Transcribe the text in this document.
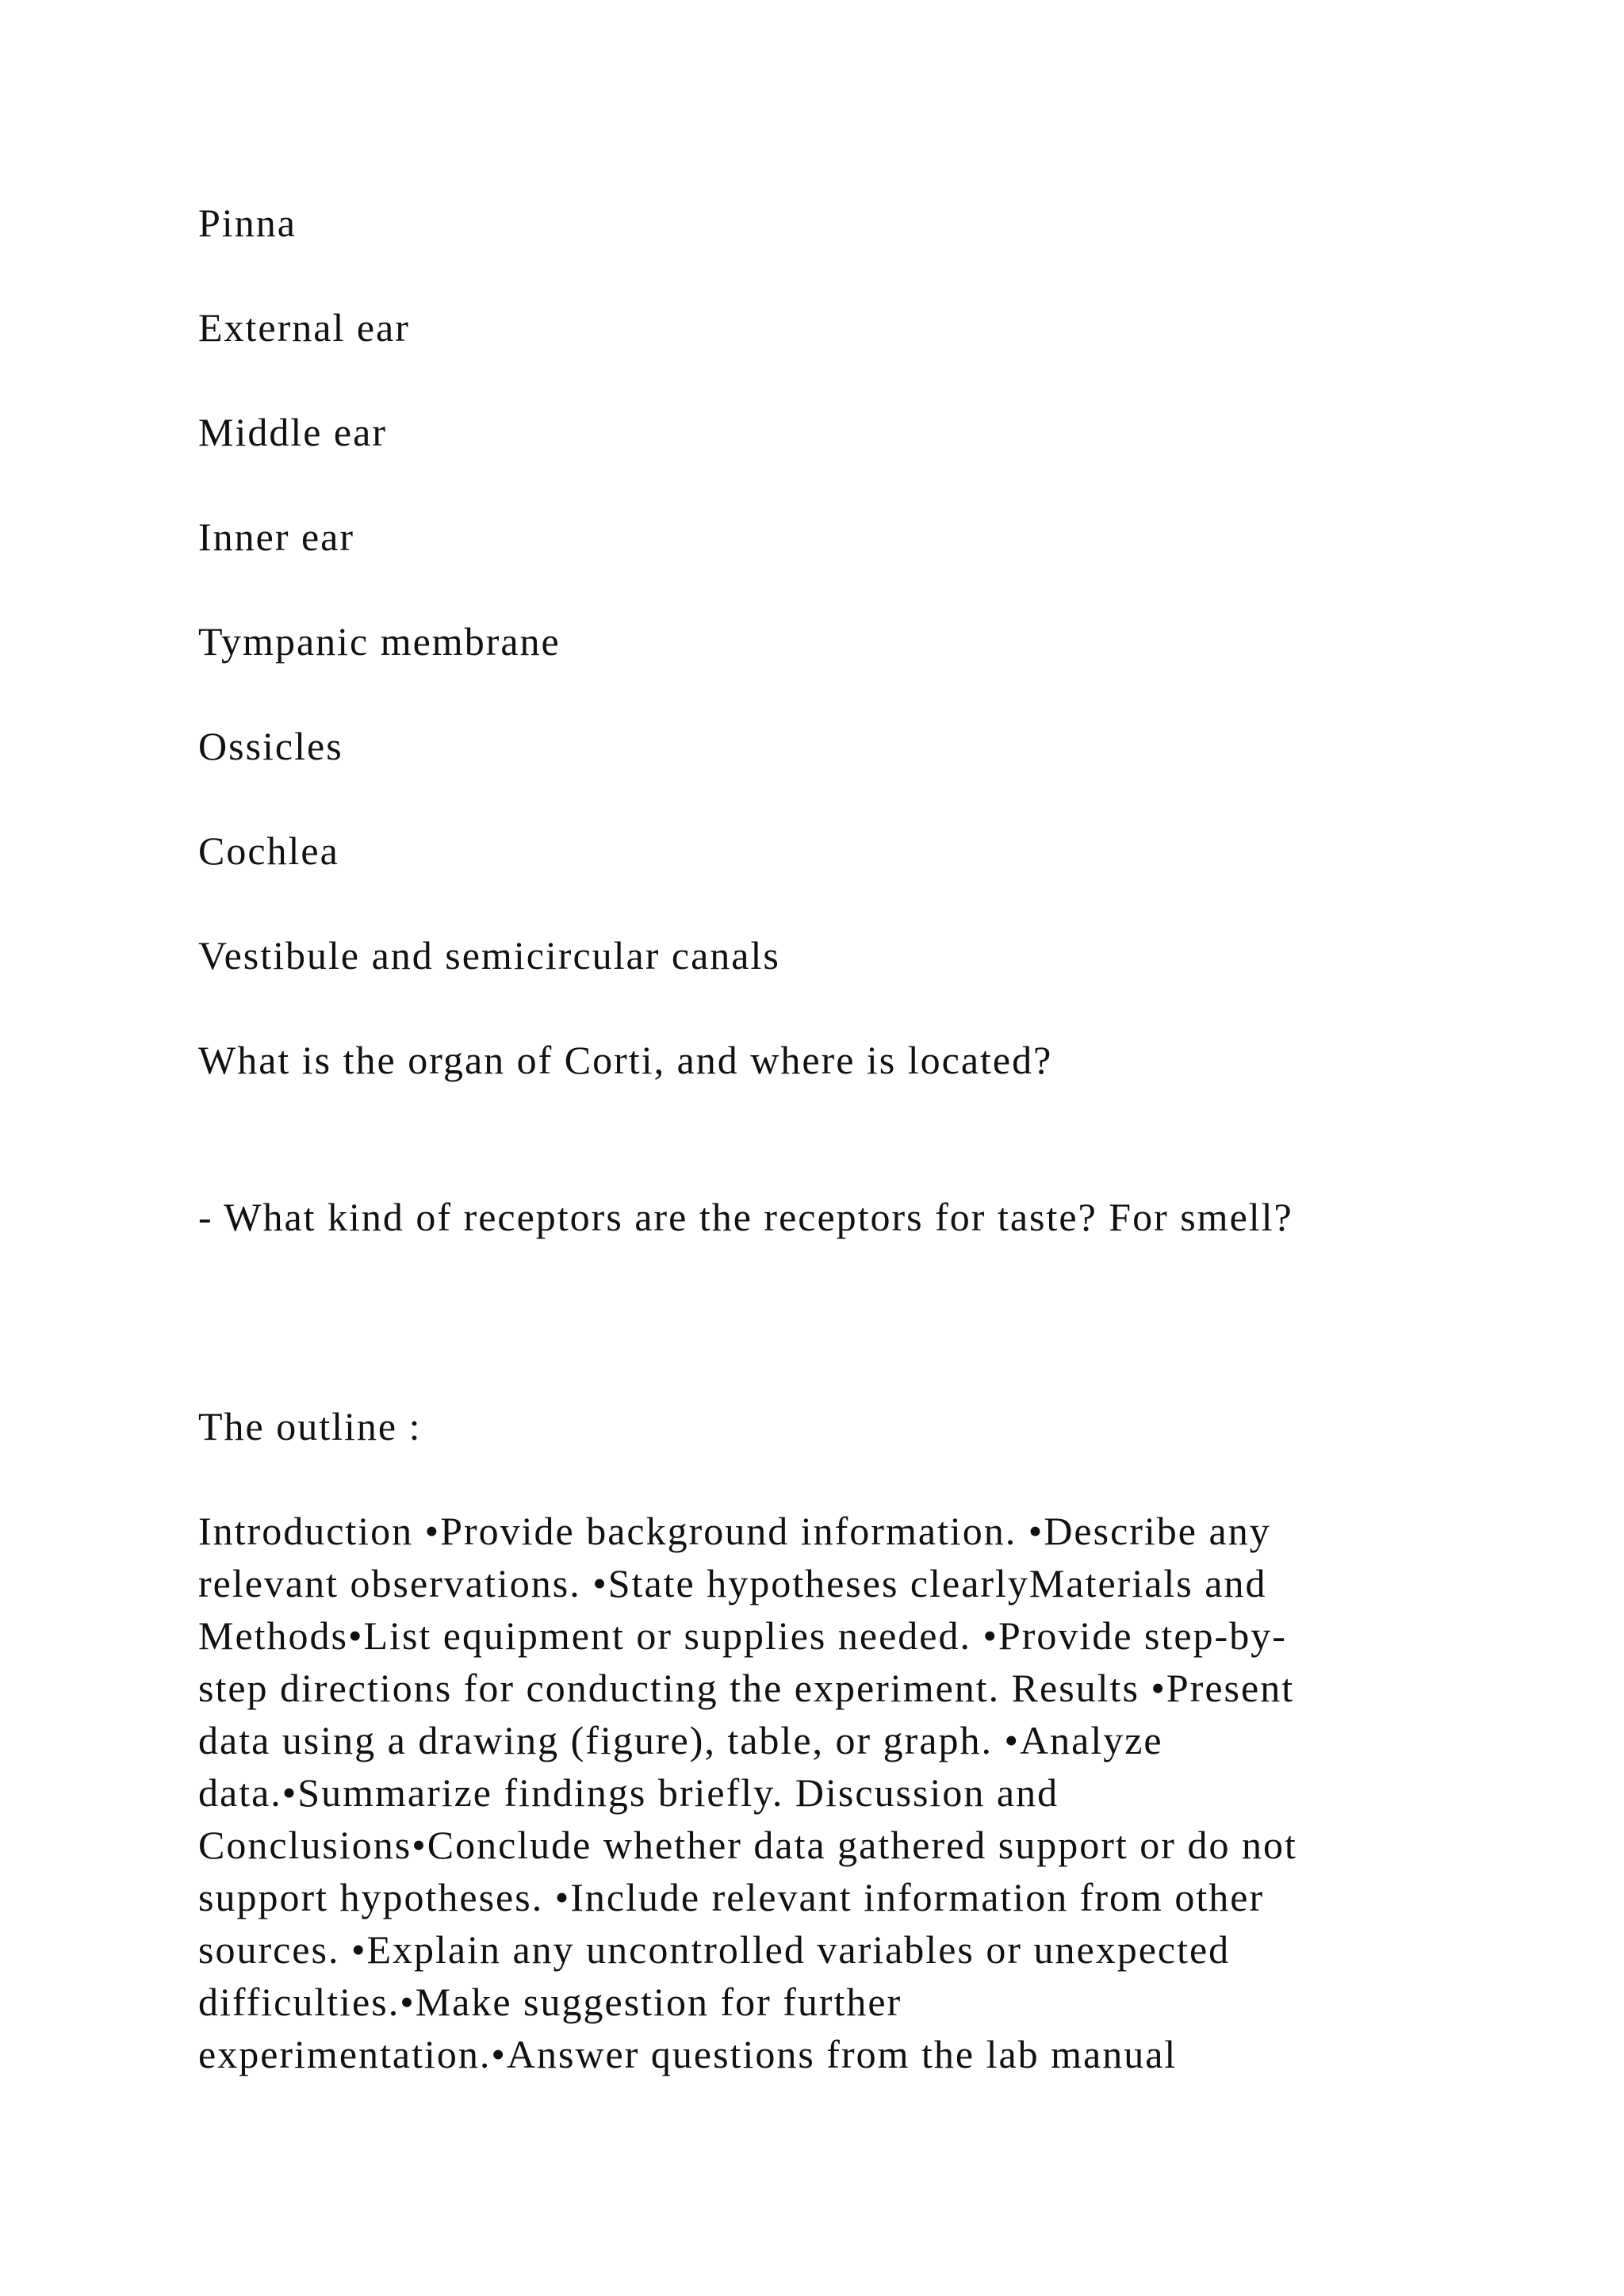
Pinna

External ear

Middle ear

Inner ear

Tympanic membrane

Ossicles

Cochlea

Vestibule and semicircular canals

What is the organ of Corti, and where is located?

- What kind of receptors are the receptors for taste? For smell?

The outline :

Introduction •Provide background information. •Describe any
relevant observations. •State hypotheses clearlyMaterials and
Methods•List equipment or supplies needed. •Provide step-by-
step directions for conducting the experiment. Results •Present
data using a drawing (figure), table, or graph. •Analyze
data.•Summarize findings briefly. Discussion and
Conclusions•Conclude whether data gathered support or do not
support hypotheses. •Include relevant information from other
sources. •Explain any uncontrolled variables or unexpected
difficulties.•Make suggestion for further
experimentation.•Answer questions from the lab manual
